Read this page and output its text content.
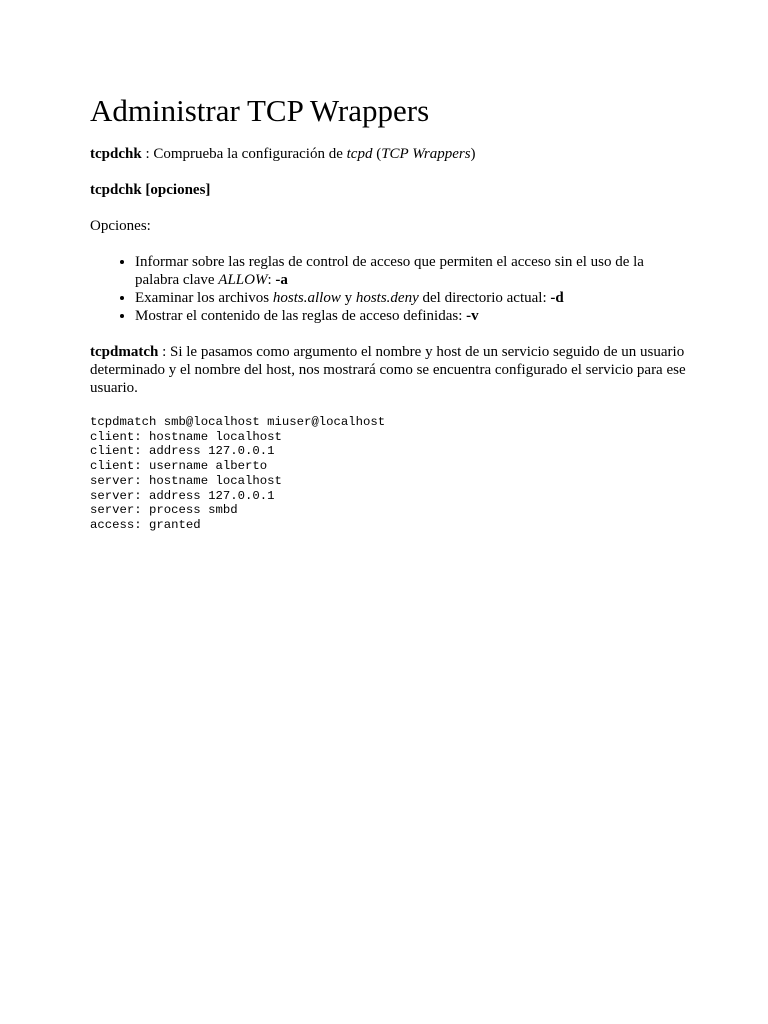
Administrar TCP Wrappers

tcpdchk : Comprueba la configuración de tcpd (TCP Wrappers)

tcpdchk [opciones]

Opciones:

• Informar sobre las reglas de control de acceso que permiten el acceso sin el uso de la palabra clave ALLOW: -a
• Examinar los archivos hosts.allow y hosts.deny del directorio actual: -d
• Mostrar el contenido de las reglas de acceso definidas: -v

tcpdmatch : Si le pasamos como argumento el nombre y host de un servicio seguido de un usuario determinado y el nombre del host, nos mostrará como se encuentra configurado el servicio para ese usuario.

tcpdmatch smb@localhost miuser@localhost
client: hostname localhost
client: address 127.0.0.1
client: username alberto
server: hostname localhost
server: address 127.0.0.1
server: process smbd
access: granted
